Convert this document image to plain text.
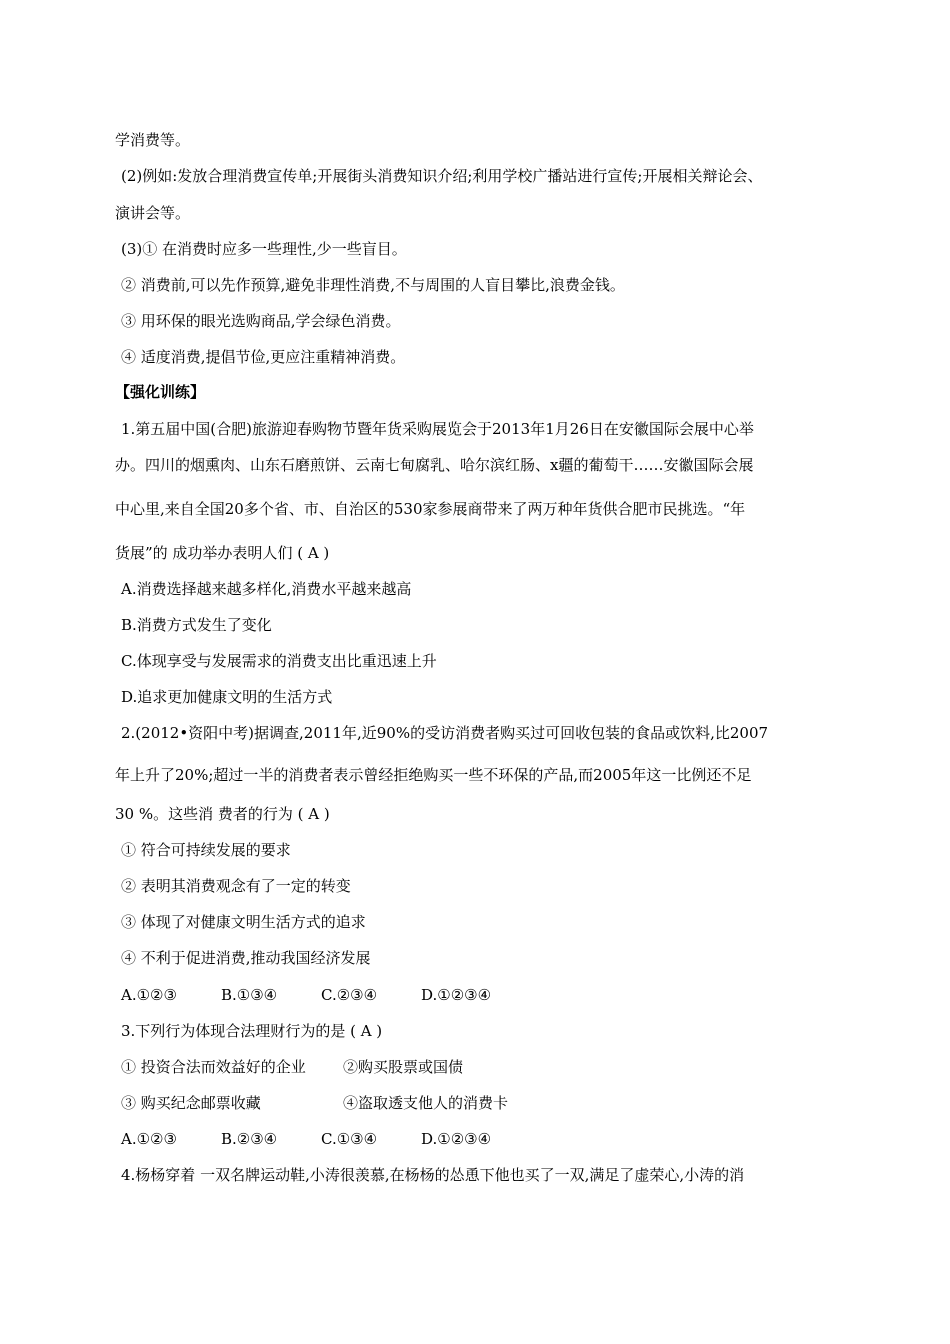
学消费等。
(2)例如:发放合理消费宣传单;开展街头消费知识介绍;利用学校广播站进行宣传;开展相关辩论会、
演讲会等。
(3)① 在消费时应多一些理性,少一些盲目。
② 消费前,可以先作预算,避免非理性消费,不与周围的人盲目攀比,浪费金钱。
③ 用环保的眼光选购商品,学会绿色消费。
④ 适度消费,提倡节俭,更应注重精神消费。
【强化训练】
1.第五届中国(合肥)旅游迎春购物节暨年货采购展览会于2013年1月26日在安徽国际会展中心举
办。四川的烟熏肉、山东石磨煎饼、云南七甸腐乳、哈尔滨红肠、x疆的葡萄干……安徽国际会展
中心里,来自全国20多个省、市、自治区的530家参展商带来了两万种年货供合肥市民挑选。“年
货展”的 成功举办表明人们 ( A )
A.消费选择越来越多样化,消费水平越来越高
B.消费方式发生了变化
C.体现享受与发展需求的消费支出比重迅速上升
D.追求更加健康文明的生活方式
2.(2012•资阳中考)据调查,2011年,近90%的受访消费者购买过可回收包装的食品或饮料,比2007
年上升了20%;超过一半的消费者表示曾经拒绝购买一些不环保的产品,而2005年这一比例还不足
30 %。这些消 费者的行为 ( A )
① 符合可持续发展的要求
② 表明其消费观念有了一定的转变
③ 体现了对健康文明生活方式的追求
④ 不利于促进消费,推动我国经济发展
A.①②③	B.①③④	C.②③④	D.①②③④
3.下列行为体现合法理财行为的是 ( A )
① 投资合法而效益好的企业 ②购买股票或国债
③ 购买纪念邮票收藏	④盗取透支他人的消费卡
A.①②③	B.②③④	C.①③④	D.①②③④
4.杨杨穿着 一双名牌运动鞋,小涛很羡慕,在杨杨的怂恿下他也买了一双,满足了虚荣心,小涛的消
